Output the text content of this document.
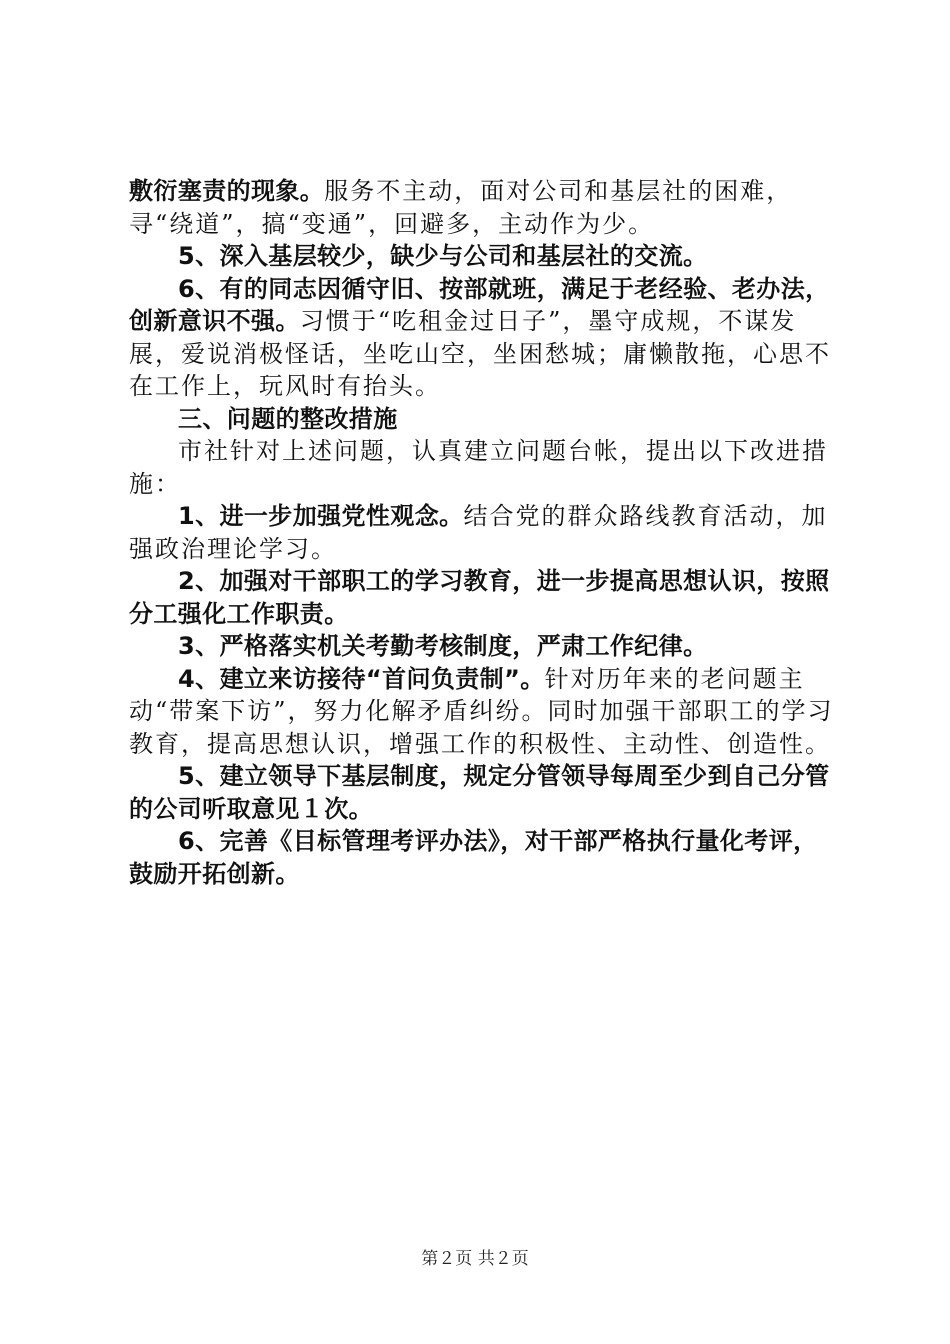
敷衍塞责的现象。服务不主动，面对公司和基层社的困难，寻“绕道”，搞“变通”，回避多，主动作为少。

5、深入基层较少，缺少与公司和基层社的交流。

6、有的同志因循守旧、按部就班，满足于老经验、老办法，创新意识不强。习惯于“吃租金过日子”，墨守成规，不谋发展，爱说消极怪话，坐吃山空，坐困愁城；庸懒散拖，心思不在工作上，玩风时有抬头。

三、问题的整改措施

市社针对上述问题，认真建立问题台帐，提出以下改进措施：

1、进一步加强党性观念。结合党的群众路线教育活动，加强政治理论学习。

2、加强对干部职工的学习教育，进一步提高思想认识，按照分工强化工作职责。

3、严格落实机关考勤考核制度，严肃工作纪律。

4、建立来访接待“首问负责制”。针对历年来的老问题主动“带案下访”，努力化解矛盾纠纷。同时加强干部职工的学习教育，提高思想认识，增强工作的积极性、主动性、创造性。

5、建立领导下基层制度，规定分管领导每周至少到自己分管的公司听取意见１次。

6、完善《目标管理考评办法》，对干部严格执行量化考评，鼓励开拓创新。

第２页 共２页
